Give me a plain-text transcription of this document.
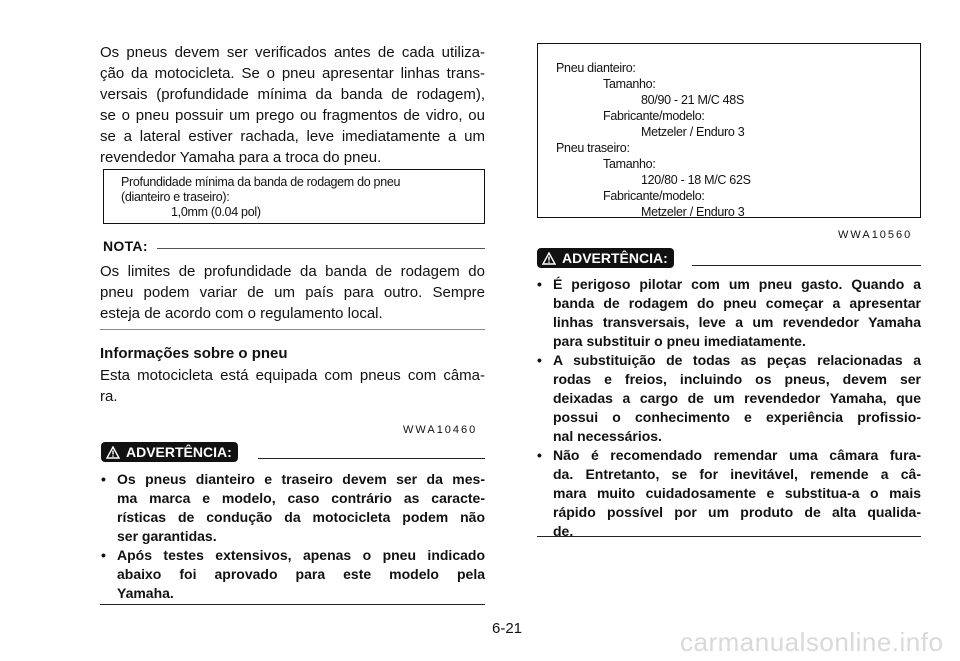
Os pneus devem ser verificados antes de cada utiliza-
ção da motocicleta. Se o pneu apresentar linhas trans-
versais (profundidade mínima da banda de rodagem),
se o pneu possuir um prego ou fragmentos de vidro, ou
se a lateral estiver rachada, leve imediatamente a um
revendedor Yamaha para a troca do pneu.
Profundidade mínima da banda de rodagem do pneu
(dianteiro e traseiro):
1,0mm (0.04 pol)
NOTA:
Os limites de profundidade da banda de rodagem do
pneu podem variar de um país para outro. Sempre
esteja de acordo com o regulamento local.
Informações sobre o pneu
Esta motocicleta está equipada com pneus com câma-
ra.
WWA10460
ADVERTÊNCIA:
• Os pneus dianteiro e traseiro devem ser da mes-
ma marca e modelo, caso contrário as caracte-
rísticas de condução da motocicleta podem não
ser garantidas.
• Após testes extensivos, apenas o pneu indicado
abaixo foi aprovado para este modelo pela
Yamaha.
Pneu dianteiro:
Tamanho:
80/90 - 21 M/C 48S
Fabricante/modelo:
Metzeler / Enduro 3
Pneu traseiro:
Tamanho:
120/80 - 18 M/C 62S
Fabricante/modelo:
Metzeler / Enduro 3
WWA10560
ADVERTÊNCIA:
• É perigoso pilotar com um pneu gasto. Quando a
banda de rodagem do pneu começar a apresentar
linhas transversais, leve a um revendedor Yamaha
para substituir o pneu imediatamente.
• A substituição de todas as peças relacionadas a
rodas e freios, incluindo os pneus, devem ser
deixadas a cargo de um revendedor Yamaha, que
possui o conhecimento e experiência profissio-
nal necessários.
• Não é recomendado remendar uma câmara fura-
da. Entretanto, se for inevitável, remende a câ-
mara muito cuidadosamente e substitua-a o mais
rápido possível por um produto de alta qualida-
de.
6-21	carmanualsonline.info
